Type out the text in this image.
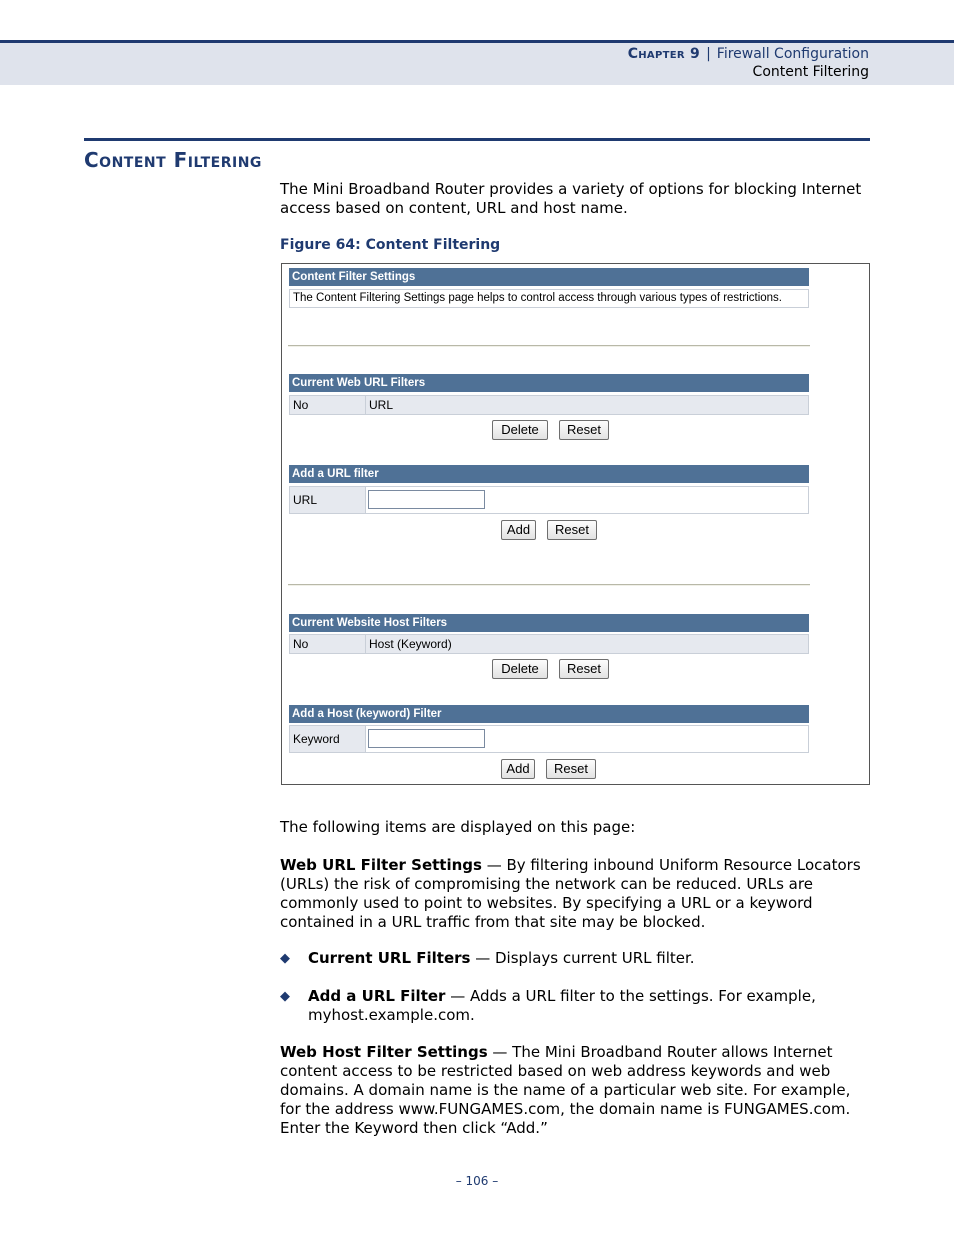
Chapter 9 | Firewall Configuration
Content Filtering
Content Filtering
The Mini Broadband Router provides a variety of options for blocking Internet access based on content, URL and host name.
Figure 64: Content Filtering
Content Filter Settings
The Content Filtering Settings page helps to control access through various types of restrictions.
Current Web URL Filters
No	URL
Delete	Reset
Add a URL filter
URL
Add	Reset
Current Website Host Filters
No	Host (Keyword)
Delete	Reset
Add a Host (keyword) Filter
Keyword
Add	Reset
The following items are displayed on this page:
Web URL Filter Settings — By filtering inbound Uniform Resource Locators (URLs) the risk of compromising the network can be reduced. URLs are commonly used to point to websites. By specifying a URL or a keyword contained in a URL traffic from that site may be blocked.
◆ Current URL Filters — Displays current URL filter.
◆ Add a URL Filter — Adds a URL filter to the settings. For example, myhost.example.com.
Web Host Filter Settings — The Mini Broadband Router allows Internet content access to be restricted based on web address keywords and web domains. A domain name is the name of a particular web site. For example, for the address www.FUNGAMES.com, the domain name is FUNGAMES.com. Enter the Keyword then click “Add.”
– 106 –
